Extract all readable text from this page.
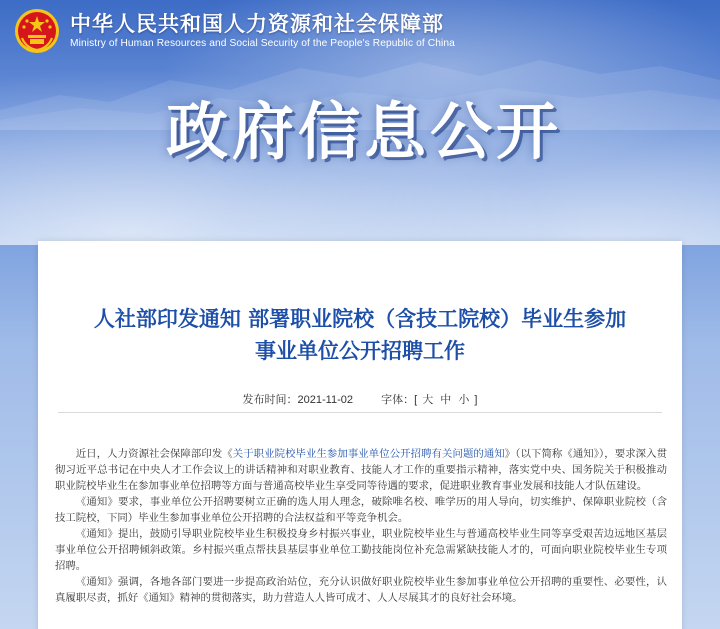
中华人民共和国人力资源和社会保障部
Ministry of Human Resources and Social Security of the People's Republic of China
政府信息公开
人社部印发通知 部署职业院校（含技工院校）毕业生参加
事业单位公开招聘工作
发布时间：2021-11-02	字体：[ 大 中 小 ]

近日，人力资源社会保障部印发《关于职业院校毕业生参加事业单位公开招聘有关问题的通知》（以下简称《通知》），要求深入贯彻习近平总书记在中央人才工作会议上的讲话精神和对职业教育、技能人才工作的重要指示精神，落实党中央、国务院关于积极推动职业院校毕业生在参加事业单位招聘等方面与普通高校毕业生享受同等待遇的要求，促进职业教育事业发展和技能人才队伍建设。

《通知》要求，事业单位公开招聘要树立正确的选人用人理念，破除唯名校、唯学历的用人导向，切实维护、保障职业院校（含技工院校，下同）毕业生参加事业单位公开招聘的合法权益和平等竞争机会。

《通知》提出，鼓励引导职业院校毕业生积极投身乡村振兴事业，职业院校毕业生与普通高校毕业生同等享受艰苦边远地区基层事业单位公开招聘倾斜政策。乡村振兴重点帮扶县基层事业单位工勤技能岗位补充急需紧缺技能人才的，可面向职业院校毕业生专项招聘。

《通知》强调，各地各部门要进一步提高政治站位，充分认识做好职业院校毕业生参加事业单位公开招聘的重要性、必要性，认真履职尽责，抓好《通知》精神的贯彻落实，助力营造人人皆可成才、人人尽展其才的良好社会环境。
